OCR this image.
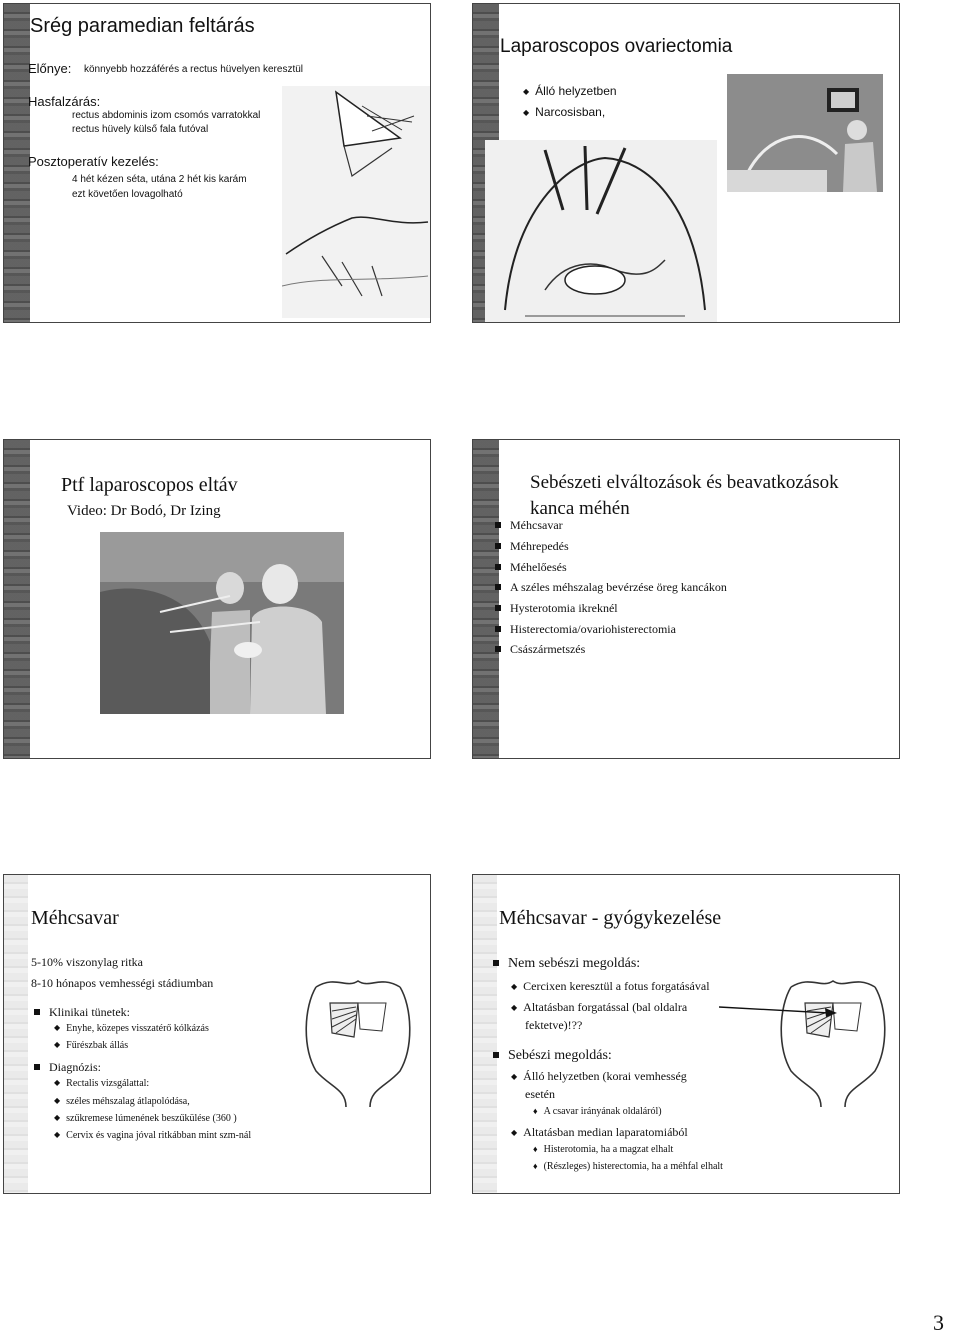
Srég paramedian feltárás
Előnye: könnyebb hozzáférés a rectus hüvelyen keresztül
Hasfalzárás:
rectus abdominis izom csomós varratokkal
rectus hüvely külső fala futóval
Posztoperatív kezelés:
4 hét kézen séta, utána 2 hét kis karám
ezt követően lovagolható
Laparoscopos ovariectomia
◆ Álló helyzetben
◆ Narcosisban,
Ptf laparoscopos eltáv
Video: Dr Bodó, Dr Izing
Sebészeti elváltozások és beavatkozások
kanca méhén
Méhcsavar
Méhrepedés
Méhelőesés
A széles méhszalag bevérzése öreg kancákon
Hysterotomia ikreknél
Histerectomia/ovariohisterectomia
Császármetszés
Méhcsavar
5-10% viszonylag ritka
8-10 hónapos vemhességi stádiumban
Klinikai tünetek:
◆ Enyhe, közepes visszatérő kólkázás
◆ Fűrészbak állás
Diagnózis:
◆ Rectalis vizsgálattal:
◆ széles méhszalag átlapolódása,
◆ szűkremese lúmenének beszűkülése (360 )
◆ Cervix és vagina jóval ritkábban mint szm-nál
Méhcsavar - gyógykezelése
Nem sebészi megoldás:
◆ Cercixen keresztül a fotus forgatásával
◆ Altatásban forgatással (bal oldalra
fektetve)!??
Sebészi megoldás:
◆ Álló helyzetben (korai vemhesség
esetén
♦ A csavar irányának oldaláról)
◆ Altatásban median laparatomiából
♦ Histerotomia, ha a magzat elhalt
♦ (Részleges) histerectomia, ha a méhfal elhalt
3
